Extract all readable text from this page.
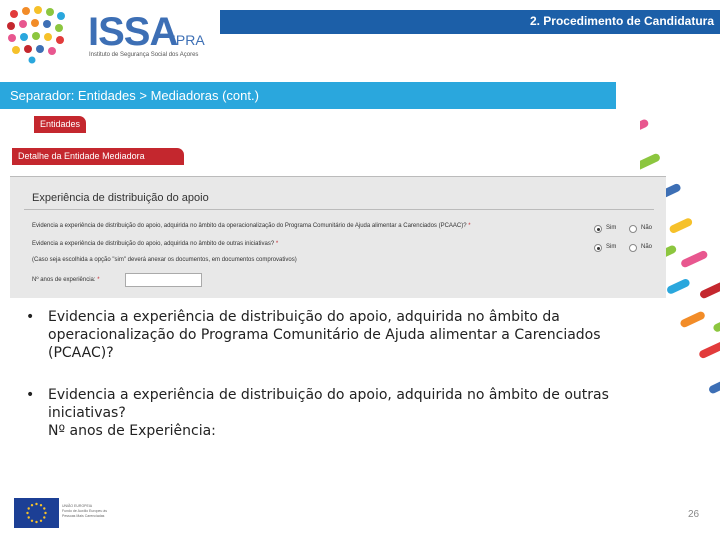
ISSA
IPRA
Instituto de Segurança Social dos Açores
2. Procedimento de Candidatura
Separador: Entidades > Mediadoras (cont.)
Entidades
Detalhe da Entidade Mediadora
Experiência de distribuição do apoio
Evidencia a experiência de distribuição do apoio, adquirida no âmbito da operacionalização do Programa Comunitário de Ajuda alimentar a Carenciados (PCAAC)? *	Sim	Não
Evidencia a experiência de distribuição do apoio, adquirida no âmbito de outras iniciativas? *	Sim	Não
(Caso seja escolhida a opção "sim" deverá anexar os documentos, em documentos comprovativos)
Nº anos de experiência: *
• Evidencia a experiência de distribuição do apoio, adquirida no âmbito da operacionalização do Programa Comunitário de Ajuda alimentar a Carenciados (PCAAC)?
• Evidencia a experiência de distribuição do apoio, adquirida no âmbito de outras iniciativas?
Nº anos de Experiência:
UNIÃO EUROPEIA
Fundo de Auxílio Europeu às Pessoas Mais Carenciadas	26
